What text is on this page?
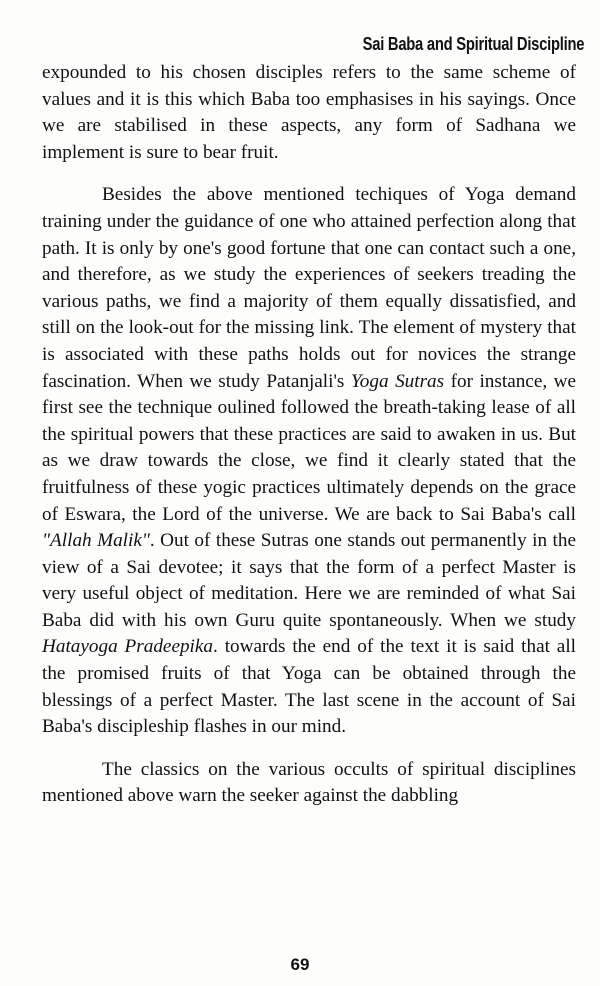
Sai Baba and Spiritual Discipline

expounded to his chosen disciples refers to the same scheme of values and it is this which Baba too emphasises in his sayings. Once we are stabilised in these aspects, any form of Sadhana we implement is sure to bear fruit.

Besides the above mentioned techiques of Yoga demand training under the guidance of one who attained perfection along that path. It is only by one's good fortune that one can contact such a one, and therefore, as we study the experiences of seekers treading the various paths, we find a majority of them equally dissatisfied, and still on the look-out for the missing link. The element of mystery that is associated with these paths holds out for novices the strange fascination. When we study Patanjali's Yoga Sutras for instance, we first see the technique oulined followed the breath-taking lease of all the spiritual powers that these practices are said to awaken in us. But as we draw towards the close, we find it clearly stated that the fruitfulness of these yogic practices ultimately depends on the grace of Eswara, the Lord of the universe. We are back to Sai Baba's call "Allah Malik". Out of these Sutras one stands out permanently in the view of a Sai devotee; it says that the form of a perfect Master is very useful object of meditation. Here we are reminded of what Sai Baba did with his own Guru quite spontaneously. When we study Hatayoga Pradeepika. towards the end of the text it is said that all the promised fruits of that Yoga can be obtained through the blessings of a perfect Master. The last scene in the account of Sai Baba's discipleship flashes in our mind.

The classics on the various occults of spiritual disciplines mentioned above warn the seeker against the dabbling

69
